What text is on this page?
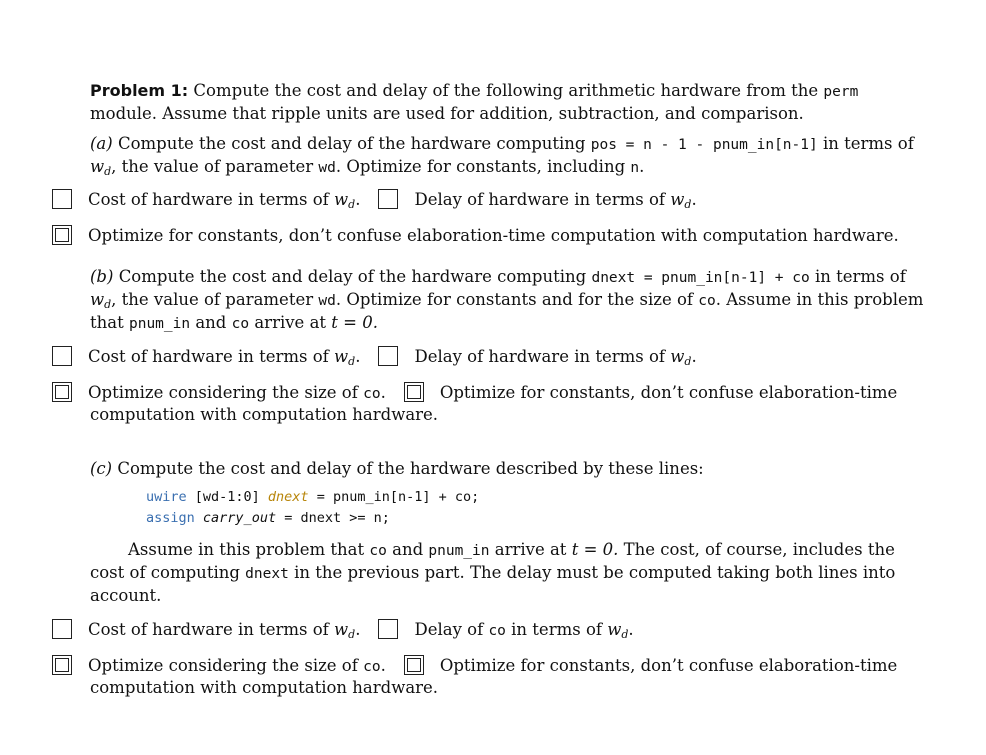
Problem 1: Compute the cost and delay of the following arithmetic hardware from the perm module. Assume that ripple units are used for addition, subtraction, and comparison.
(a) Compute the cost and delay of the hardware computing pos = n - 1 - pnum_in[n-1] in terms of $w_d$, the value of parameter wd. Optimize for constants, including n.
Cost of hardware in terms of $w_d$.	Delay of hardware in terms of $w_d$.
Optimize for constants, don’t confuse elaboration-time computation with computation hardware.
(b) Compute the cost and delay of the hardware computing dnext = pnum_in[n-1] + co in terms of $w_d$, the value of parameter wd. Optimize for constants and for the size of co. Assume in this problem that pnum_in and co arrive at t = 0.
Cost of hardware in terms of $w_d$.	Delay of hardware in terms of $w_d$.
Optimize considering the size of co.	Optimize for constants, don’t confuse elaboration-time
computation with computation hardware.
(c) Compute the cost and delay of the hardware described by these lines:
uwire [wd-1:0] dnext = pnum_in[n-1] + co;
assign carry_out = dnext >= n;
Assume in this problem that co and pnum_in arrive at t = 0. The cost, of course, includes the cost of computing dnext in the previous part. The delay must be computed taking both lines into account.
Cost of hardware in terms of $w_d$.	Delay of co in terms of $w_d$.
Optimize considering the size of co.	Optimize for constants, don’t confuse elaboration-time
computation with computation hardware.
